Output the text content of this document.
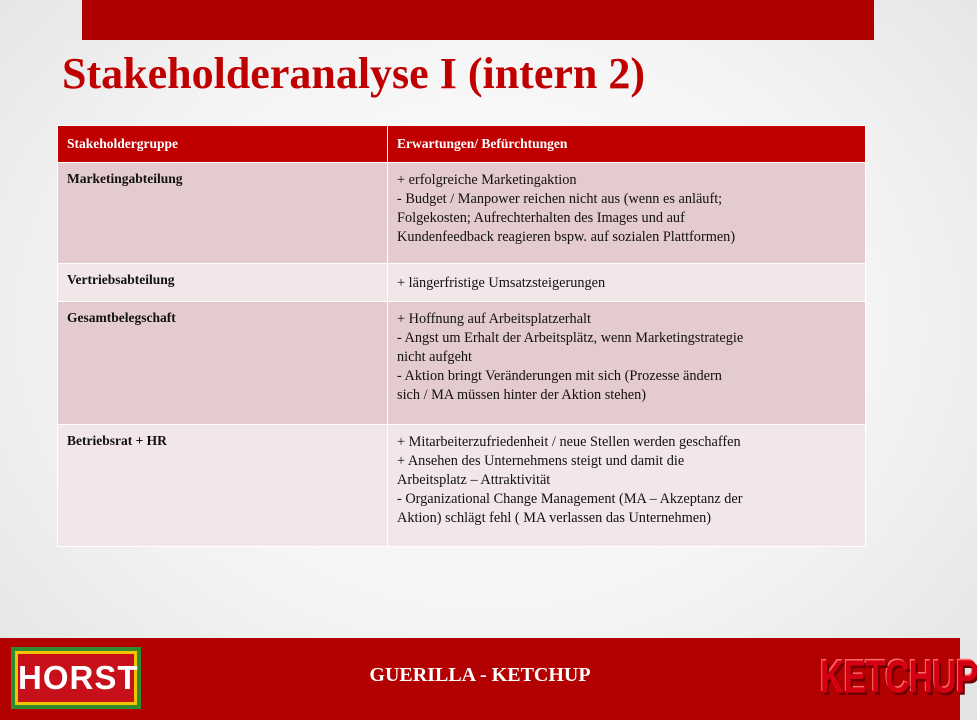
Stakeholderanalyse I (intern 2)
Stakeholdergruppe	Erwartungen/ Befürchtungen
Marketingabteilung	+ erfolgreiche Marketingaktion
- Budget / Manpower reichen nicht aus (wenn es anläuft;
Folgekosten; Aufrechterhalten des Images und auf
Kundenfeedback reagieren bspw. auf sozialen Plattformen)

Vertriebsabteilung	+ längerfristige Umsatzsteigerungen

Gesamtbelegschaft	+ Hoffnung auf Arbeitsplatzerhalt
- Angst um Erhalt der Arbeitsplätz, wenn Marketingstrategie
nicht aufgeht
- Aktion bringt Veränderungen mit sich (Prozesse ändern
sich / MA müssen hinter der Aktion stehen)

Betriebsrat + HR	+ Mitarbeiterzufriedenheit / neue Stellen werden geschaffen
+ Ansehen des Unternehmens steigt und damit die
Arbeitsplatz – Attraktivität
- Organizational Change Management (MA – Akzeptanz der
Aktion) schlägt fehl ( MA verlassen das Unternehmen)
GUERILLA - KETCHUP
HORST	KETCHUP
